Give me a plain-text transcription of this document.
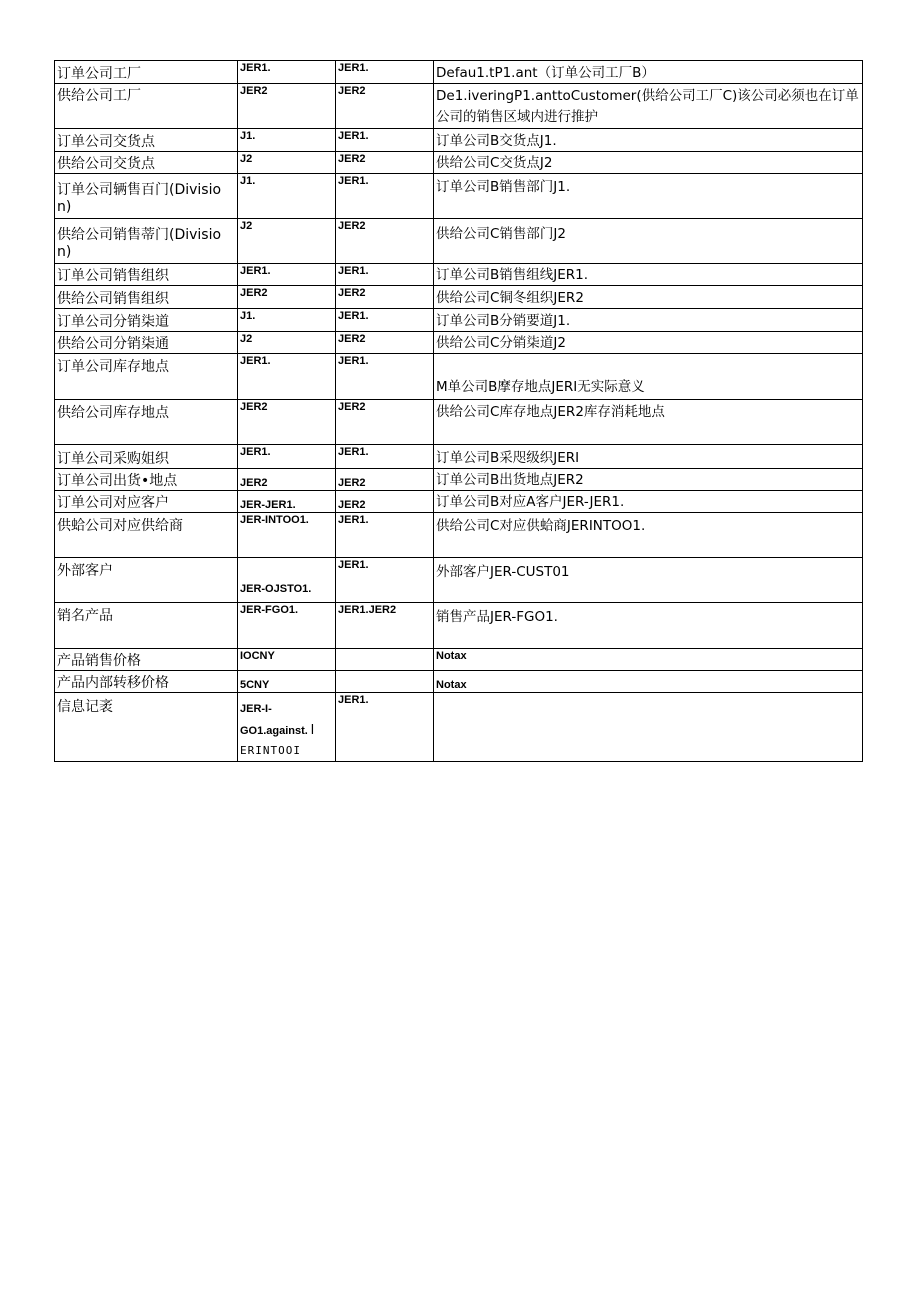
订单公司工厂	JER1.	JER1.	Defau1.tP1.ant（订单公司工厂B）
供给公司工厂	JER2	JER2	De1.iveringP1.anttoCustomer(供给公司工厂C)该公司必须也在订单公司的销售区域内进行推护
订单公司交货点	J1.	JER1.	订单公司B交货点J1.
供给公司交货点	J2	JER2	供给公司C交货点J2
订单公司辆售百门(Division)	J1.	JER1.	订单公司B销售部门J1.
供给公司销售蒂门(Division)	J2	JER2	供给公司C销售部门J2
订单公司销售组织	JER1.	JER1.	订单公司B销售组线JER1.
供给公司销售组织	JER2	JER2	供给公司C铜冬组织JER2
订单公司分销柒道	J1.	JER1.	订单公司B分销要道J1.
供给公司分销柒通	J2	JER2	供给公司C分销柒道J2
订单公司库存地点	JER1.	JER1.	M单公司B摩存地点JERI无实际意义
供给公司库存地点	JER2	JER2	供给公司C库存地点JER2库存消耗地点
订单公司采购姐织	JER1.	JER1.	订单公司B采咫级织JERI
订单公司出货•地点	JER2	JER2	订单公司B出货地点JER2
订单公司对应客户	JER-JER1.	JER2	订单公司B对应A客户JER-JER1.
供蛤公司对应供给商	JER-INTOO1.	JER1.	供给公司C对应供蛤商JERINTOO1.
外部客户	JER-OJSTO1.	JER1.	外部客户JER-CUST01
销名产品	JER-FGO1.	JER1.JER2	销售产品JER-FGO1.
产品销售价格	IOCNY		Notax
产品内部转移价格	5CNY		Notax
信息记袤	JER-I-
GO1.against. l
ERINTOOI	JER1.	
